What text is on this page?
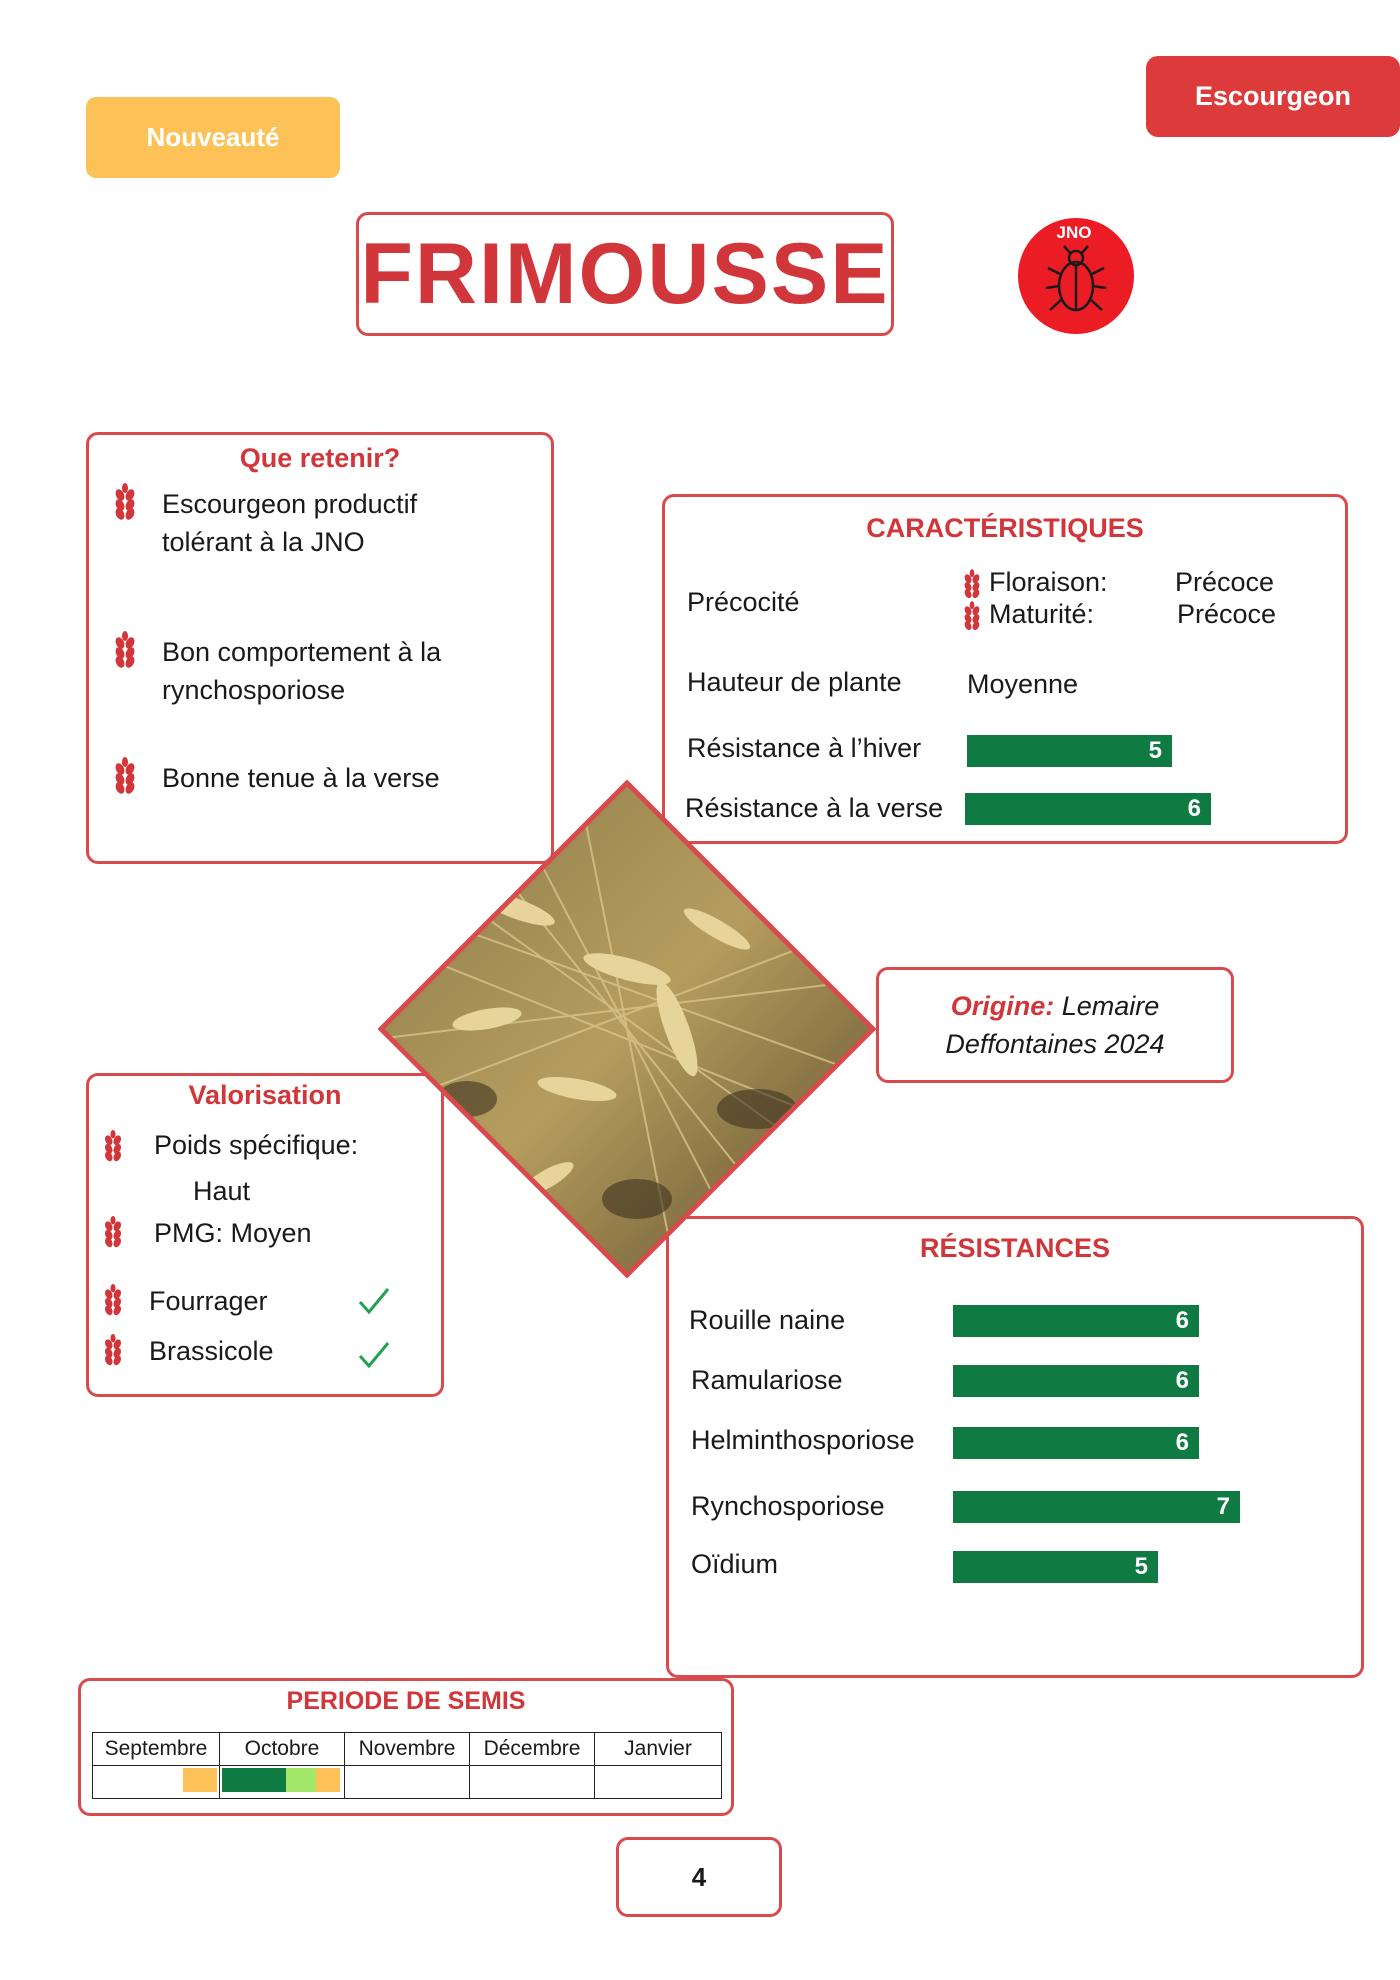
Nouveauté
Escourgeon
FRIMOUSSE	JNO
Que retenir?
Escourgeon productif tolérant à la JNO
Bon comportement à la rynchosporiose
Bonne tenue à la verse
CARACTÉRISTIQUES
Précocité
Floraison: Précoce
Maturité:	Précoce
Hauteur de plante Moyenne
Résistance à l’hiver	5
Résistance à la verse	6
Origine: Lemaire Deffontaines 2024
Valorisation
Poids spécifique:
Haut
PMG: Moyen
Fourrager
Brassicole
RÉSISTANCES
Rouille naine	6
Ramulariose	6
Helminthosporiose	6
Rynchosporiose	7
Oïdium	5
PERIODE DE SEMIS
Septembre	Octobre	Novembre	Décembre	Janvier

4
